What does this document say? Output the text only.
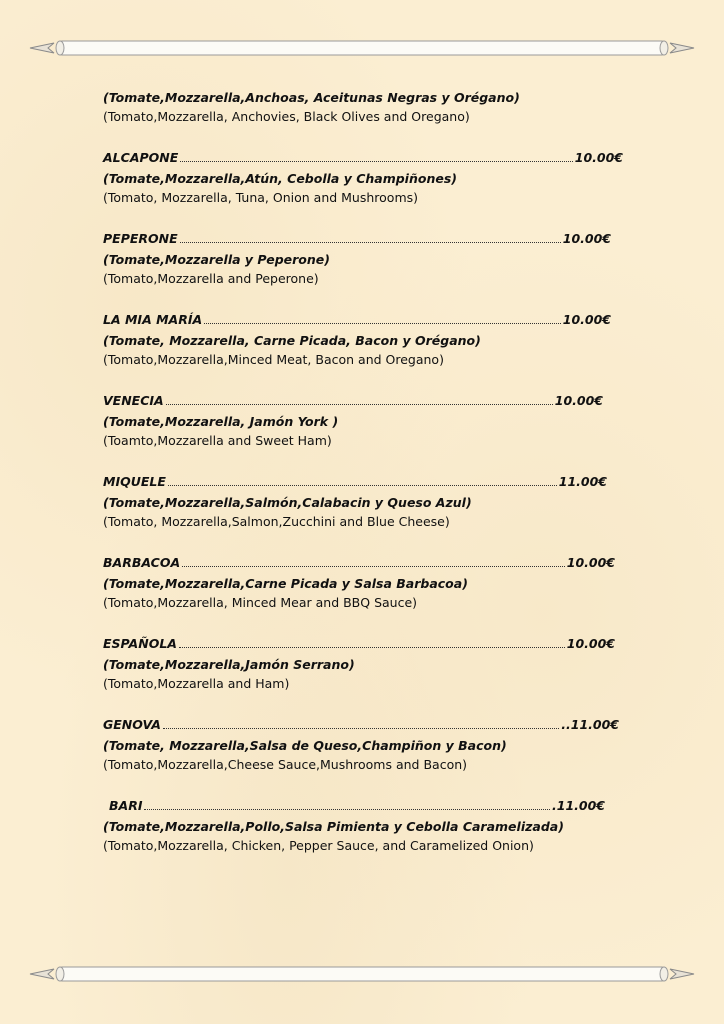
(Tomate,Mozzarella,Anchoas, Aceitunas Negras y Orégano)
(Tomato,Mozzarella, Anchovies, Black Olives and Oregano)
ALCAPONE	10.00€
(Tomate,Mozzarella,Atún, Cebolla y Champiñones)
(Tomato, Mozzarella, Tuna, Onion and Mushrooms)
PEPERONE	10.00€
(Tomate,Mozzarella y Peperone)
(Tomato,Mozzarella and Peperone)
LA MIA MARÍA	10.00€
(Tomate, Mozzarella, Carne Picada, Bacon y Orégano)
(Tomato,Mozzarella,Minced Meat, Bacon and Oregano)
VENECIA	10.00€
(Tomate,Mozzarella, Jamón York )
(Toamto,Mozzarella and Sweet Ham)
MIQUELE	11.00€
(Tomate,Mozzarella,Salmón,Calabacin y Queso Azul)
(Tomato, Mozzarella,Salmon,Zucchini and Blue Cheese)
BARBACOA	10.00€
(Tomate,Mozzarella,Carne Picada y Salsa Barbacoa)
(Tomato,Mozzarella, Minced Mear and BBQ Sauce)
ESPAÑOLA	10.00€
(Tomate,Mozzarella,Jamón Serrano)
(Tomato,Mozzarella and Ham)
GENOVA	..11.00€
(Tomate, Mozzarella,Salsa de Queso,Champiñon y Bacon)
(Tomato,Mozzarella,Cheese Sauce,Mushrooms and Bacon)
BARI	.11.00€
(Tomate,Mozzarella,Pollo,Salsa Pimienta y Cebolla Caramelizada)
(Tomato,Mozzarella, Chicken, Pepper Sauce, and Caramelized Onion)
